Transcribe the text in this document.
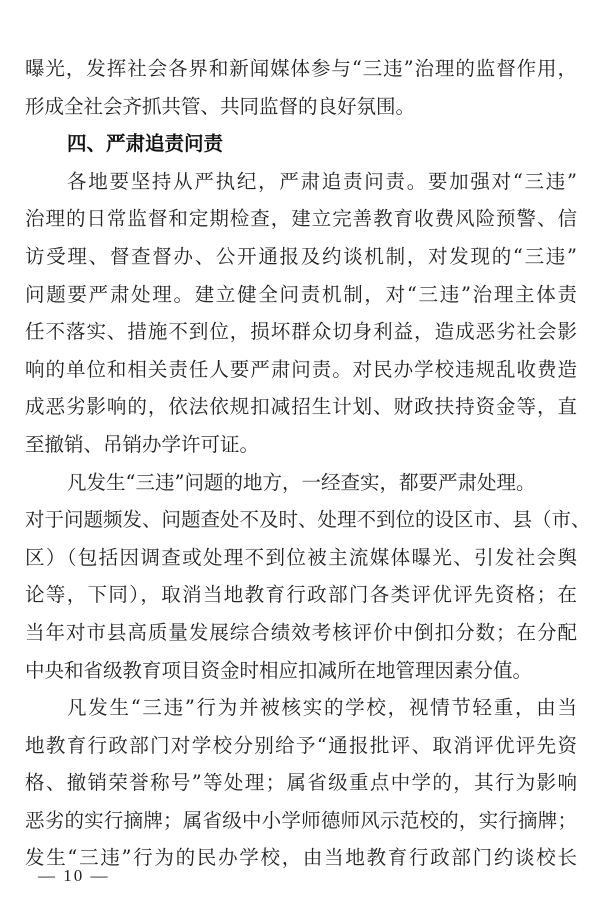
曝光，发挥社会各界和新闻媒体参与“三违”治理的监督作用，
形成全社会齐抓共管、共同监督的良好氛围。
四、严肃追责问责
各地要坚持从严执纪，严肃追责问责。要加强对“三违”
治理的日常监督和定期检查，建立完善教育收费风险预警、信
访受理、督查督办、公开通报及约谈机制，对发现的“三违”
问题要严肃处理。建立健全问责机制，对“三违”治理主体责
任不落实、措施不到位，损坏群众切身利益，造成恶劣社会影
响的单位和相关责任人要严肃问责。对民办学校违规乱收费造
成恶劣影响的，依法依规扣减招生计划、财政扶持资金等，直
至撤销、吊销办学许可证。
凡发生“三违”问题的地方，一经查实，都要严肃处理。
对于问题频发、问题查处不及时、处理不到位的设区市、县（市、
区）（包括因调查或处理不到位被主流媒体曝光、引发社会舆
论等，下同），取消当地教育行政部门各类评优评先资格；在
当年对市县高质量发展综合绩效考核评价中倒扣分数；在分配
中央和省级教育项目资金时相应扣减所在地管理因素分值。
凡发生“三违”行为并被核实的学校，视情节轻重，由当
地教育行政部门对学校分别给予“通报批评、取消评优评先资
格、撤销荣誉称号”等处理；属省级重点中学的，其行为影响
恶劣的实行摘牌；属省级中小学师德师风示范校的，实行摘牌；
发生“三违”行为的民办学校，由当地教育行政部门约谈校长
— 10 —
